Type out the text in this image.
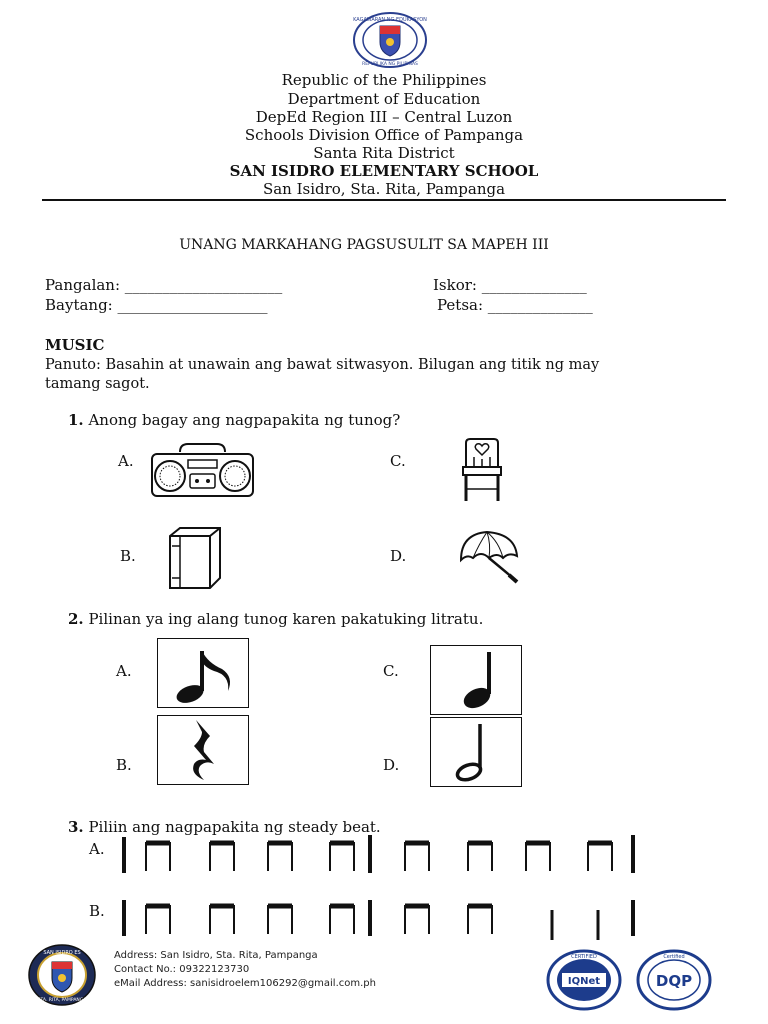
KAGAWARAN NG EDUKASYON
REPUBLIKA NG PILIPINAS
Republic of the Philippines
Department of Education
DepEd Region III – Central Luzon
Schools Division Office of Pampanga
Santa Rita District
SAN ISIDRO ELEMENTARY SCHOOL
San Isidro, Sta. Rita, Pampanga
UNANG MARKAHANG PAGSUSULIT SA MAPEH III
Pangalan: _____________________	Iskor: ______________
Baytang: ____________________	Petsa: ______________
MUSIC
Panuto: Basahin at unawain ang bawat sitwasyon. Bilugan ang titik ng may
tamang sagot.
1. Anong bagay ang nagpapakita ng tunog?
A.	C.
B.	D.
2. Pilinan ya ing alang tunog karen pakatuking litratu.
A.	C.
B.	D.
3. Piliin ang nagpapakita ng steady beat.
A.
B.
SAN ISIDRO ES
STA. RITA, PAMPANGA
Address: San Isidro, Sta. Rita, Pampanga
Contact No.: 09322123730
eMail Address: sanisidroelem106292@gmail.com.ph	IQNet
CERTIFIED
DQP
Certified
